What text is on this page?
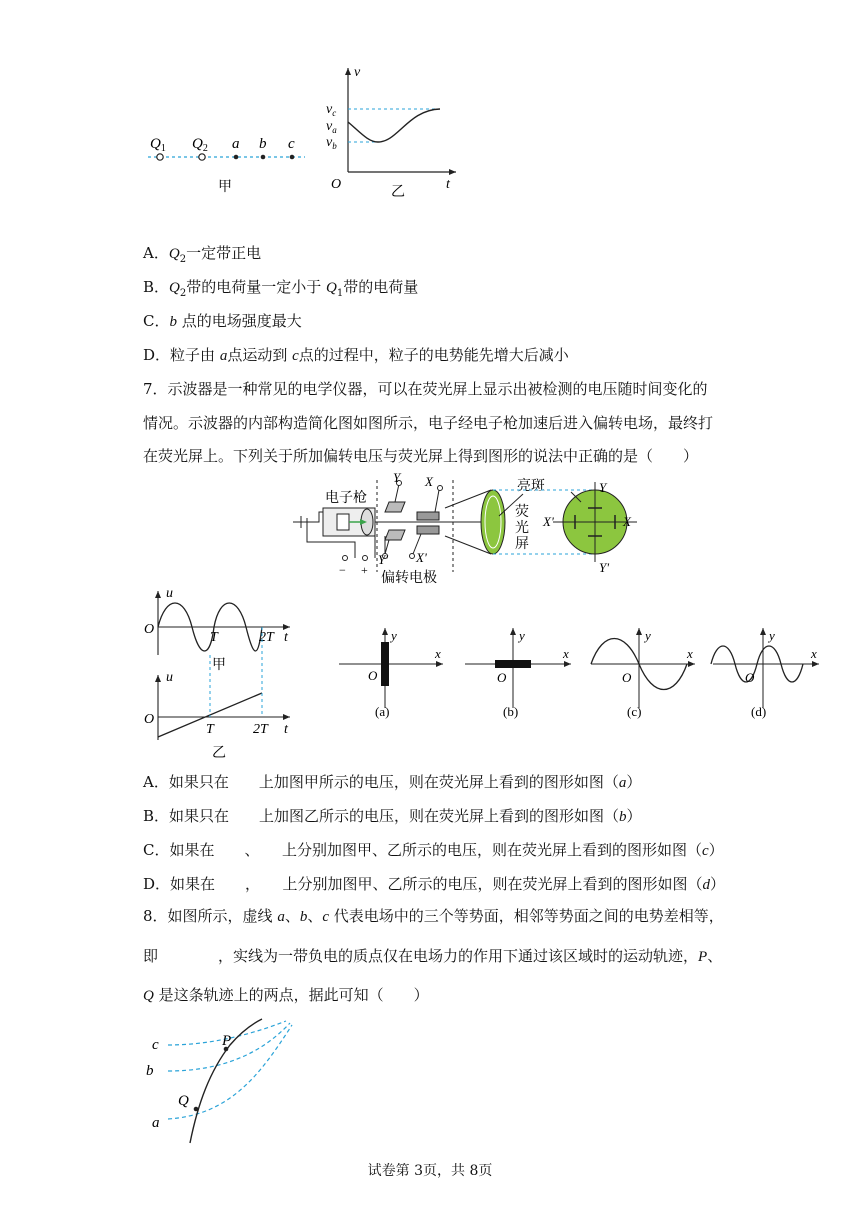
$Q_1$ $Q_2$ a b c
甲
v
t
O
$v_c$
$v_a$
$v_b$
乙
A．$Q_2$一定带正电
B．$Q_2$带的电荷量一定小于 $Q_1$带的电荷量
C．b 点的电场强度最大
D．粒子由 a点运动到 c点的过程中，粒子的电势能先增大后减小
7．示波器是一种常见的电学仪器，可以在荧光屏上显示出被检测的电压随时间变化的
情况。示波器的内部构造简化图如图所示，电子经电子枪加速后进入偏转电场，最终打
在荧光屏上。下列关于所加偏转电压与荧光屏上得到图形的说法中正确的是（　　）
− +
电子枪
Y
Y'
X
X'
偏转电极
亮斑
荧
光
屏
Y
Y'
X'	X
u
O
T	2T t
甲
u
O
T	2T t
乙
y
x
O
(a)
y
x
O
(b)
y
x
O
(c)
y
x
O
(d)
A．如果只在　　上加图甲所示的电压，则在荧光屏上看到的图形如图（a）
B．如果只在　　上加图乙所示的电压，则在荧光屏上看到的图形如图（b）
C．如果在　　、　　上分别加图甲、乙所示的电压，则在荧光屏上看到的图形如图（c）
D．如果在　　，　　上分别加图甲、乙所示的电压，则在荧光屏上看到的图形如图（d）
8．如图所示，虚线 a、b、c 代表电场中的三个等势面，相邻等势面之间的电势差相等，
即　　　　，实线为一带负电的质点仅在电场力的作用下通过该区域时的运动轨迹，P、
Q 是这条轨迹上的两点，据此可知（　　）
P
Q
c
b
a
试卷第 3页，共 8页
